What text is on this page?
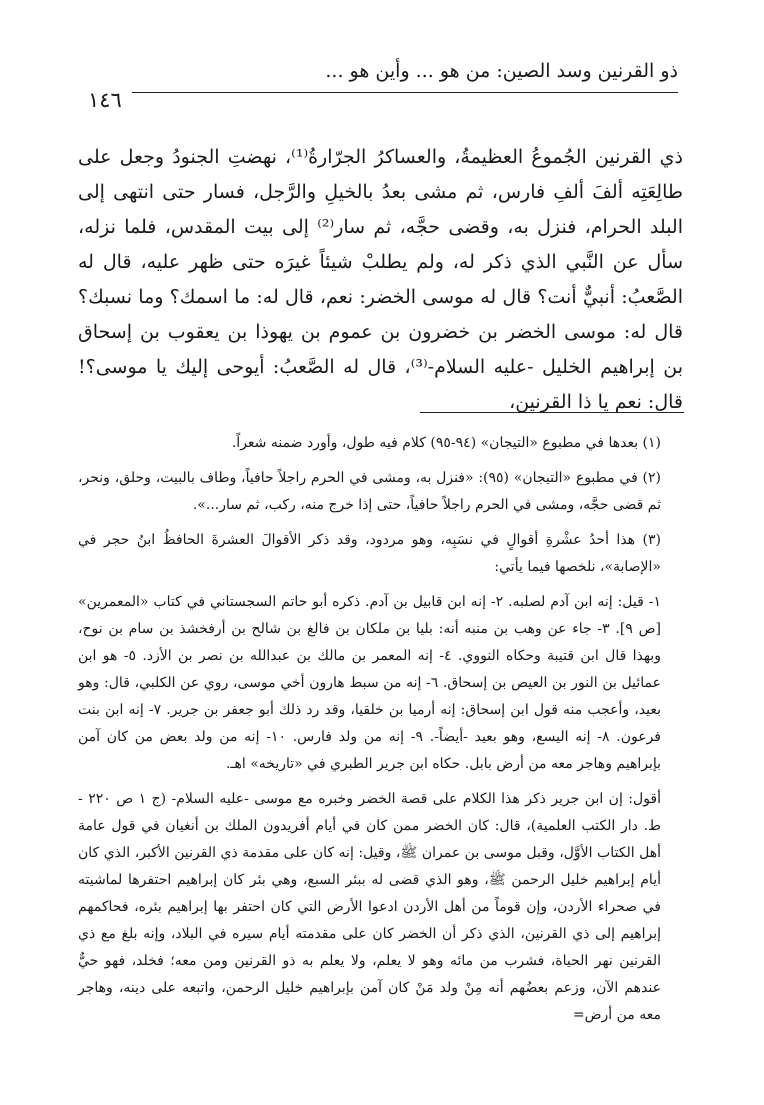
ذو القرنين وسد الصين: من هو ... وأين هو ...
١٤٦

ذي القرنين الجُموعُ العظيمةُ، والعساكرُ الجرّارةُ⁽¹⁾، نهضتِ الجنودُ وجعل على طالِعَتِه ألفَ ألفِ فارس، ثم مشى بعدُ بالخيلِ والرَّجل، فسار حتى انتهى إلى البلد الحرام، فنزل به، وقضى حجَّه، ثم سار⁽²⁾ إلى بيت المقدس، فلما نزله، سأل عن النَّبي الذي ذكر له، ولم يطلبْ شيئاً غيرَه حتى ظهر عليه، قال له الصَّعبُ: أنبيٌّ أنت؟ قال له موسى الخضر: نعم، قال له: ما اسمك؟ وما نسبك؟ قال له: موسى الخضر بن خضرون بن عموم بن يهوذا بن يعقوب بن إسحاق بن إبراهيم الخليل -عليه السلام-⁽³⁾، قال له الصَّعبُ: أيوحى إليك يا موسى؟! قال: نعم يا ذا القرنين،

(١) بعدها في مطبوع «التيجان» (٩٤-٩٥) كلام فيه طول، وأورد ضمنه شعراً.

(٢) في مطبوع «التيجان» (٩٥): «فنزل به، ومشى في الحرم راجلاً حافياً، وطاف بالبيت، وحلق، ونحر، ثم قضى حجَّه، ومشى في الحرم راجلاً حافياً، حتى إذا خرج منه، ركب، ثم سار...».

(٣) هذا أحدُ عشْرةِ أقوالٍ في نسَبِه، وهو مردود، وقد ذكر الأقوالَ العشرةَ الحافظُ ابنُ حجر في «الإصابة»، نلخصها فيما يأتي:

١- قيل: إنه ابن آدم لصلبه. ٢- إنه ابن قابيل بن آدم. ذكره أبو حاتم السجستاني في كتاب «المعمرين» [ص ٩]. ٣- جاء عن وهب بن منبه أنه: بليا بن ملكان بن فالغ بن شالح بن أرفخشذ بن سام بن نوح، وبهذا قال ابن قتيبة وحكاه النووي. ٤- إنه المعمر بن مالك بن عبدالله بن نصر بن الأزد. ٥- هو ابن عمائيل بن النور بن العيص بن إسحاق. ٦- إنه من سبط هارون أخي موسى، روي عن الكلبي، قال: وهو بعيد، وأعجب منه قول ابن إسحاق: إنه أرميا بن خلقيا، وقد رد ذلك أبو جعفر بن جرير. ٧- إنه ابن بنت فرعون. ٨- إنه اليسع، وهو بعيد -أيضاً-. ٩- إنه من ولد فارس. ١٠- إنه من ولد بعض من كان آمن بإبراهيم وهاجر معه من أرض بابل. حكاه ابن جرير الطبري في «تاريخه» اهـ.

أقول: إن ابن جرير ذكر هذا الكلام على قصة الخضر وخبره مع موسى -عليه السلام- (ج ١ ص ٢٢٠ - ط. دار الكتب العلمية)، قال: كان الخضر ممن كان في أيام أفريدون الملك بن أنغيان في قول عامة أهل الكتاب الأوَّل، وقبل موسى بن عمران ﷺ، وقيل: إنه كان على مقدمة ذي القرنين الأكبر، الذي كان أيام إبراهيم خليل الرحمن ﷺ، وهو الذي قضى له ببئر السبع، وهي بئر كان إبراهيم احتفرها لماشيته في صحراء الأردن، وإن قوماً من أهل الأردن ادعوا الأرض التي كان احتفر بها إبراهيم بئره، فحاكمهم إبراهيم إلى ذي القرنين، الذي ذكر أن الخضر كان على مقدمته أيام سيره في البلاد، وإنه بلغ مع ذي القرنين نهر الحياة، فشرب من مائه وهو لا يعلم، ولا يعلم به ذو القرنين ومن معه؛ فخلد، فهو حيٌّ عندهم الآن، وزعم بعضُهم أنه مِنْ ولد مَنْ كان آمن بإبراهيم خليل الرحمن، واتبعه على دينه، وهاجر معه من أرض=
